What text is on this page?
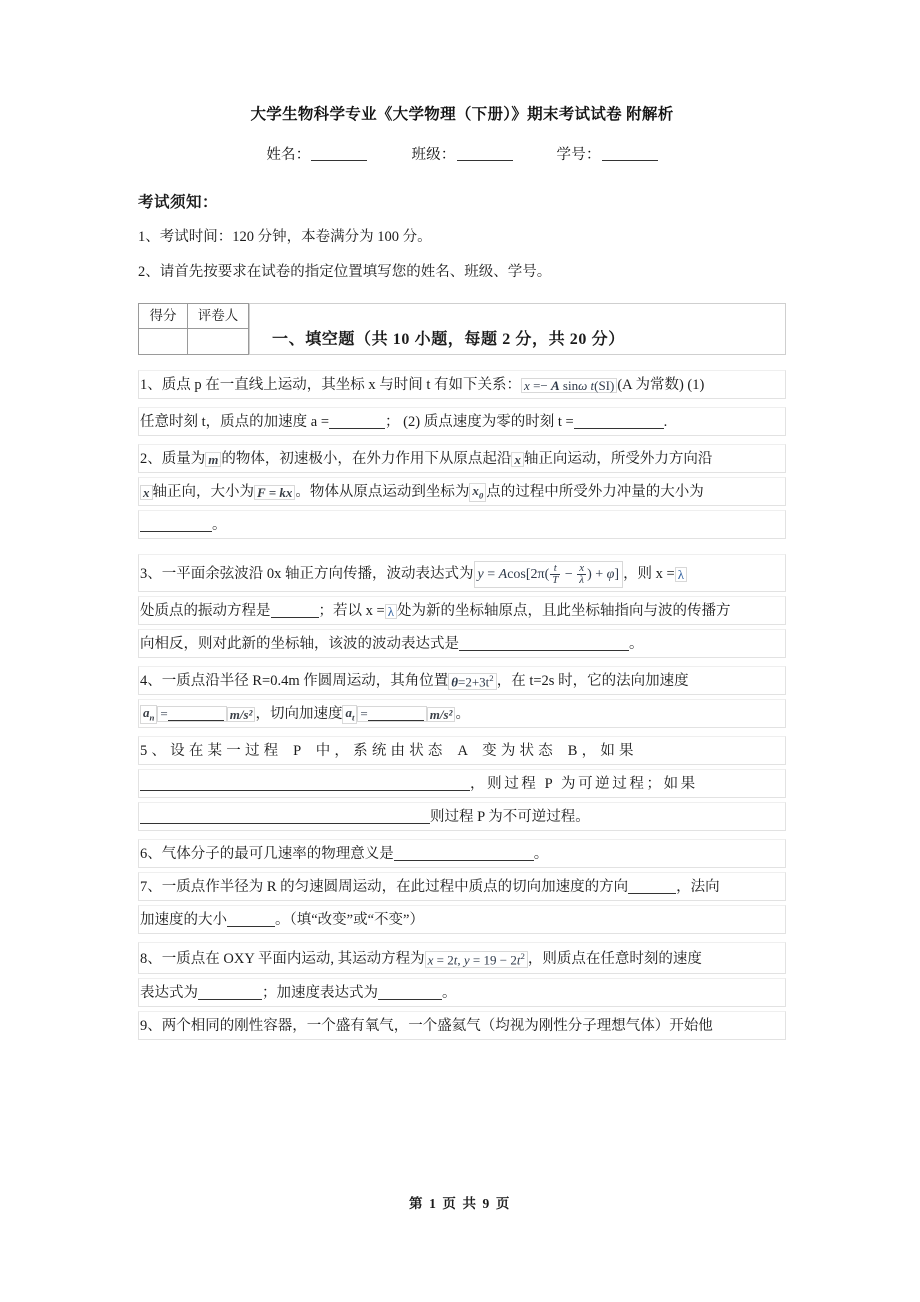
大学生物科学专业《大学物理（下册）》期末考试试卷 附解析
姓名：	班级：	学号：
考试须知：
1、考试时间：120 分钟，本卷满分为 100 分。
2、请首先按要求在试卷的指定位置填写您的姓名、班级、学号。
得分	评卷人

一、填空题（共 10 小题，每题 2 分，共 20 分）
1、质点 p 在一直线上运动，其坐标 x 与时间 t 有如下关系： x =− A sinω t(SI) (A 为常数) (1)
任意时刻 t，质点的加速度 a =	； (2) 质点速度为零的时刻 t =	.
2、质量为 m 的物体，初速极小，在外力作用下从原点起沿 x 轴正向运动，所受外力方向沿
x 轴正向，大小为 F = kx 。物体从原点运动到坐标为 $x_0$ 点的过程中所受外力冲量的大小为
。
3、一平面余弦波沿 0x 轴正方向传播，波动表达式为 $y = Acos[2\pi( \frac{t}{T} - \frac{x}{\lambda}$ ) + φ] ，则 x = λ
处质点的振动方程是	；若以 x = λ 处为新的坐标轴原点，且此坐标轴指向与波的传播方
向相反，则对此新的坐标轴，该波的波动表达式是	。
4、一质点沿半径 R=0.4m 作圆周运动，其角位置 $\theta=2+3t^2$ ，在 t=2s 时，它的法向加速度
$a_n$ =	m/s² ，切向加速度 $a_t$ =	m/s² 。
5、设在某一过程 P 中，系统由状态 A 变为状态 B，如果
，则过程 P 为可逆过程；如果
则过程 P 为不可逆过程。
6、气体分子的最可几速率的物理意义是	。
7、一质点作半径为 R 的匀速圆周运动，在此过程中质点的切向加速度的方向	，法向
加速度的大小	。（填“改变”或“不变”）
8、一质点在 OXY 平面内运动, 其运动方程为 x = 2t, $y = 19 - 2t^2$ ，则质点在任意时刻的速度
表达式为	；加速度表达式为	。
9、两个相同的刚性容器，一个盛有氧气，一个盛氦气（均视为刚性分子理想气体）开始他
第 1 页 共 9 页
